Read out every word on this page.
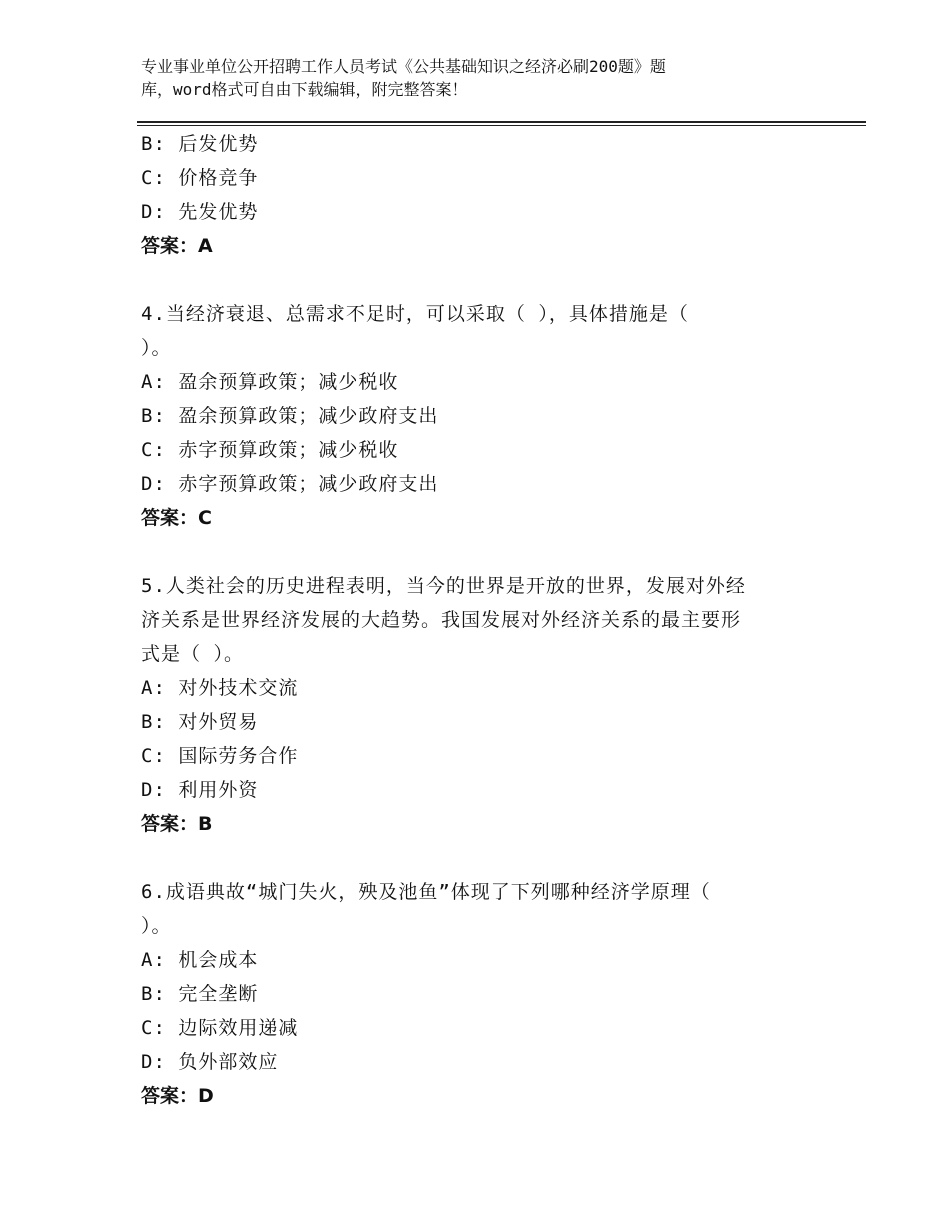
专业事业单位公开招聘工作人员考试《公共基础知识之经济必刷200题》题
库，word格式可自由下载编辑，附完整答案！
B: 后发优势
C: 价格竞争
D: 先发优势
答案：A
4.当经济衰退、总需求不足时，可以采取（ ），具体措施是（
）。
A: 盈余预算政策；减少税收
B: 盈余预算政策；减少政府支出
C: 赤字预算政策；减少税收
D: 赤字预算政策；减少政府支出
答案：C
5.人类社会的历史进程表明，当今的世界是开放的世界，发展对外经
济关系是世界经济发展的大趋势。我国发展对外经济关系的最主要形
式是（ ）。
A: 对外技术交流
B: 对外贸易
C: 国际劳务合作
D: 利用外资
答案：B
6.成语典故“城门失火，殃及池鱼”体现了下列哪种经济学原理（
）。
A: 机会成本
B: 完全垄断
C: 边际效用递减
D: 负外部效应
答案：D
